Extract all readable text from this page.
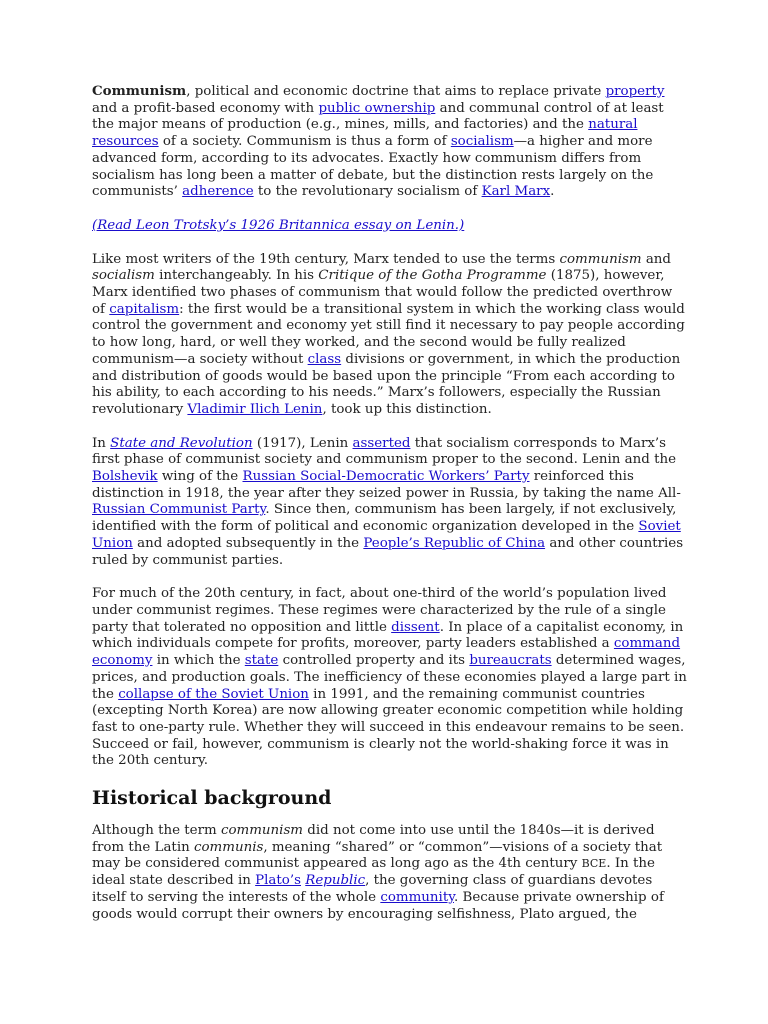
Communism, political and economic doctrine that aims to replace private property and a profit-based economy with public ownership and communal control of at least the major means of production (e.g., mines, mills, and factories) and the natural resources of a society. Communism is thus a form of socialism—a higher and more advanced form, according to its advocates. Exactly how communism differs from socialism has long been a matter of debate, but the distinction rests largely on the communists’ adherence to the revolutionary socialism of Karl Marx.

(Read Leon Trotsky’s 1926 Britannica essay on Lenin.)

Like most writers of the 19th century, Marx tended to use the terms communism and socialism interchangeably. In his Critique of the Gotha Programme (1875), however, Marx identified two phases of communism that would follow the predicted overthrow of capitalism: the first would be a transitional system in which the working class would control the government and economy yet still find it necessary to pay people according to how long, hard, or well they worked, and the second would be fully realized communism—a society without class divisions or government, in which the production and distribution of goods would be based upon the principle “From each according to his ability, to each according to his needs.” Marx’s followers, especially the Russian revolutionary Vladimir Ilich Lenin, took up this distinction.

In State and Revolution (1917), Lenin asserted that socialism corresponds to Marx’s first phase of communist society and communism proper to the second. Lenin and the Bolshevik wing of the Russian Social-Democratic Workers’ Party reinforced this distinction in 1918, the year after they seized power in Russia, by taking the name All-Russian Communist Party. Since then, communism has been largely, if not exclusively, identified with the form of political and economic organization developed in the Soviet Union and adopted subsequently in the People’s Republic of China and other countries ruled by communist parties.

For much of the 20th century, in fact, about one-third of the world’s population lived under communist regimes. These regimes were characterized by the rule of a single party that tolerated no opposition and little dissent. In place of a capitalist economy, in which individuals compete for profits, moreover, party leaders established a command economy in which the state controlled property and its bureaucrats determined wages, prices, and production goals. The inefficiency of these economies played a large part in the collapse of the Soviet Union in 1991, and the remaining communist countries (excepting North Korea) are now allowing greater economic competition while holding fast to one-party rule. Whether they will succeed in this endeavour remains to be seen. Succeed or fail, however, communism is clearly not the world-shaking force it was in the 20th century.

Historical background

Although the term communism did not come into use until the 1840s—it is derived from the Latin communis, meaning “shared” or “common”—visions of a society that may be considered communist appeared as long ago as the 4th century BCE. In the ideal state described in Plato’s Republic, the governing class of guardians devotes itself to serving the interests of the whole community. Because private ownership of goods would corrupt their owners by encouraging selfishness, Plato argued, the
